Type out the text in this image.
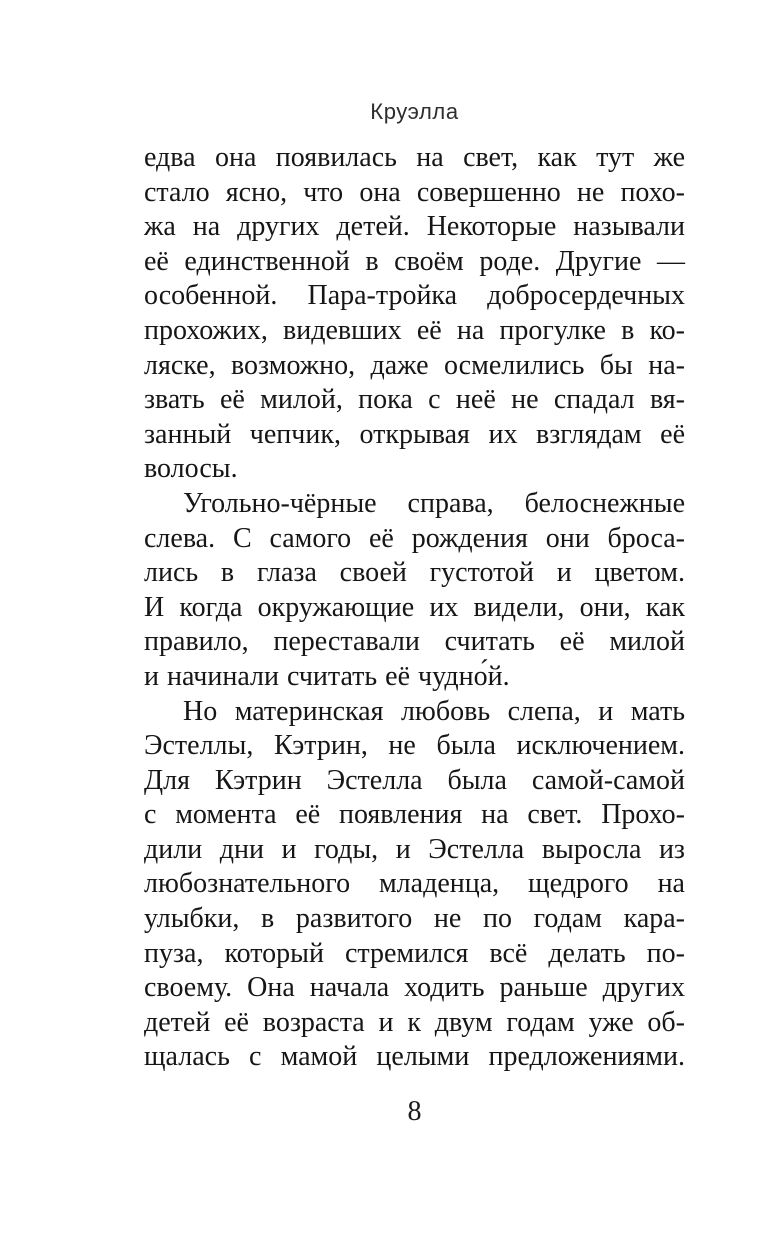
Круэлла
едва она появилась на свет, как тут же
стало ясно, что она совершенно не похо-
жа на других детей. Некоторые называли
её единственной в своём роде. Другие —
особенной. Пара-тройка добросердечных
прохожих, видевших её на прогулке в ко-
ляске, возможно, даже осмелились бы на-
звать её милой, пока с неё не спадал вя-
занный чепчик, открывая их взглядам её
волосы.
Угольно-чёрные справа, белоснежные
слева. С самого её рождения они броса-
лись в глаза своей густотой и цветом.
И когда окружающие их видели, они, как
правило, переставали считать её милой
и начинали считать её чудно́й.
Но материнская любовь слепа, и мать
Эстеллы, Кэтрин, не была исключением.
Для Кэтрин Эстелла была самой-самой
с момента её появления на свет. Прохо-
дили дни и годы, и Эстелла выросла из
любознательного младенца, щедрого на
улыбки, в развитого не по годам кара-
пуза, который стремился всё делать по-
своему. Она начала ходить раньше других
детей её возраста и к двум годам уже об-
щалась с мамой целыми предложениями.
8
